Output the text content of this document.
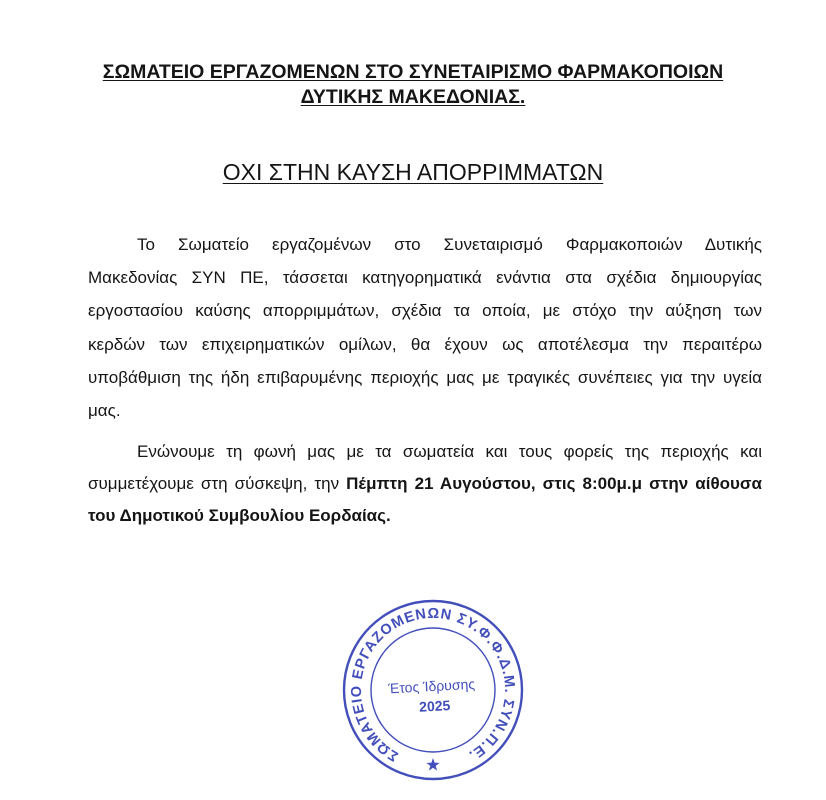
ΣΩΜΑΤΕΙΟ ΕΡΓΑΖΟΜΕΝΩΝ ΣΤΟ ΣΥΝΕΤΑΙΡΙΣΜΟ ΦΑΡΜΑΚΟΠΟΙΩΝ
ΔΥΤΙΚΗΣ ΜΑΚΕΔΟΝΙΑΣ.
ΟΧΙ ΣΤΗΝ ΚΑΥΣΗ ΑΠΟΡΡΙΜΜΑΤΩΝ
Το Σωματείο εργαζομένων στο Συνεταιρισμό Φαρμακοποιών Δυτικής
Μακεδονίας ΣΥΝ ΠΕ, τάσσεται κατηγορηματικά ενάντια στα σχέδια δημιουργίας
εργοστασίου καύσης απορριμμάτων, σχέδια τα οποία, με στόχο την αύξηση των
κερδών των επιχειρηματικών ομίλων, θα έχουν ως αποτέλεσμα την περαιτέρω
υποβάθμιση της ήδη επιβαρυμένης περιοχής μας με τραγικές συνέπειες για την υγεία
μας.
Ενώνουμε τη φωνή μας με τα σωματεία και τους φορείς της περιοχής και
συμμετέχουμε στη σύσκεψη, την Πέμπτη 21 Αυγούστου, στις 8:00μ.μ στην αίθουσα
του Δημοτικού Συμβουλίου Εορδαίας.
ΣΩΜΑΤΕΙΟ ΕΡΓΑΖΟΜΕΝΩΝ ΣΥ.Φ.Φ.Δ.Μ. ΣΥΝ.Π.Ε.
Έτος Ίδρυσης
2025
